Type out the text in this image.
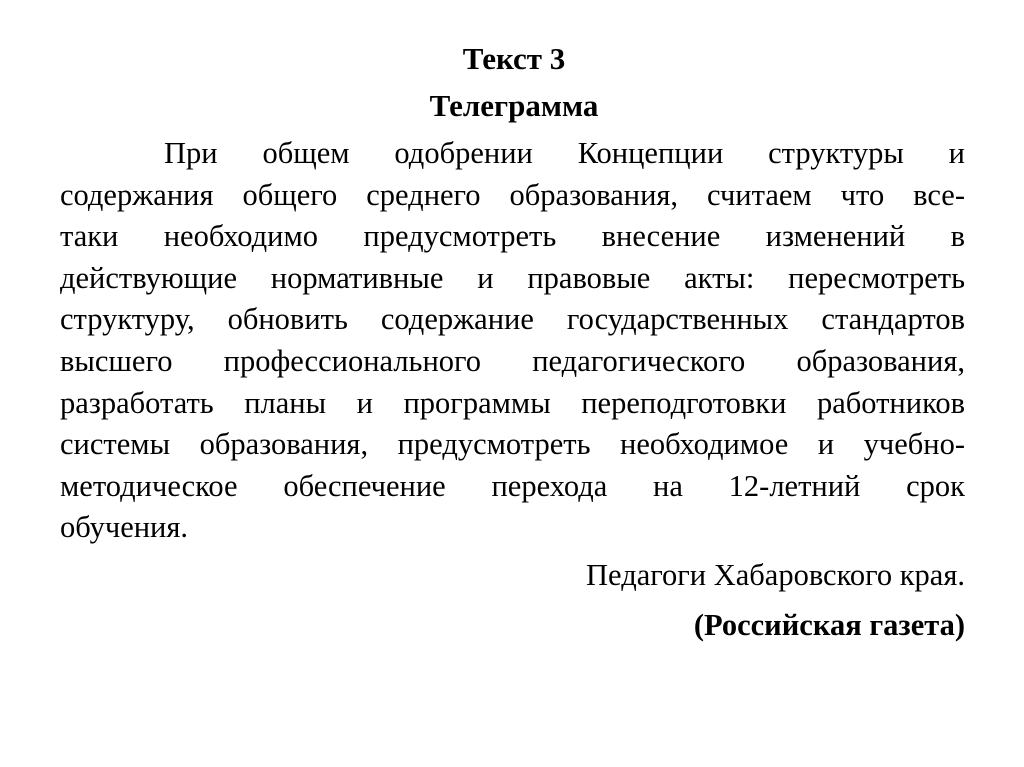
Текст 3
Телеграмма
При общем одобрении Концепции структуры и
содержания общего среднего образования, считаем что все-
таки необходимо предусмотреть внесение изменений в
действующие нормативные и правовые акты: пересмотреть
структуру, обновить содержание государственных стандартов
высшего профессионального педагогического образования,
разработать планы и программы переподготовки работников
системы образования, предусмотреть необходимое и учебно-
методическое обеспечение перехода на 12-летний срок
обучения.
Педагоги Хабаровского края.
(Российская газета)
